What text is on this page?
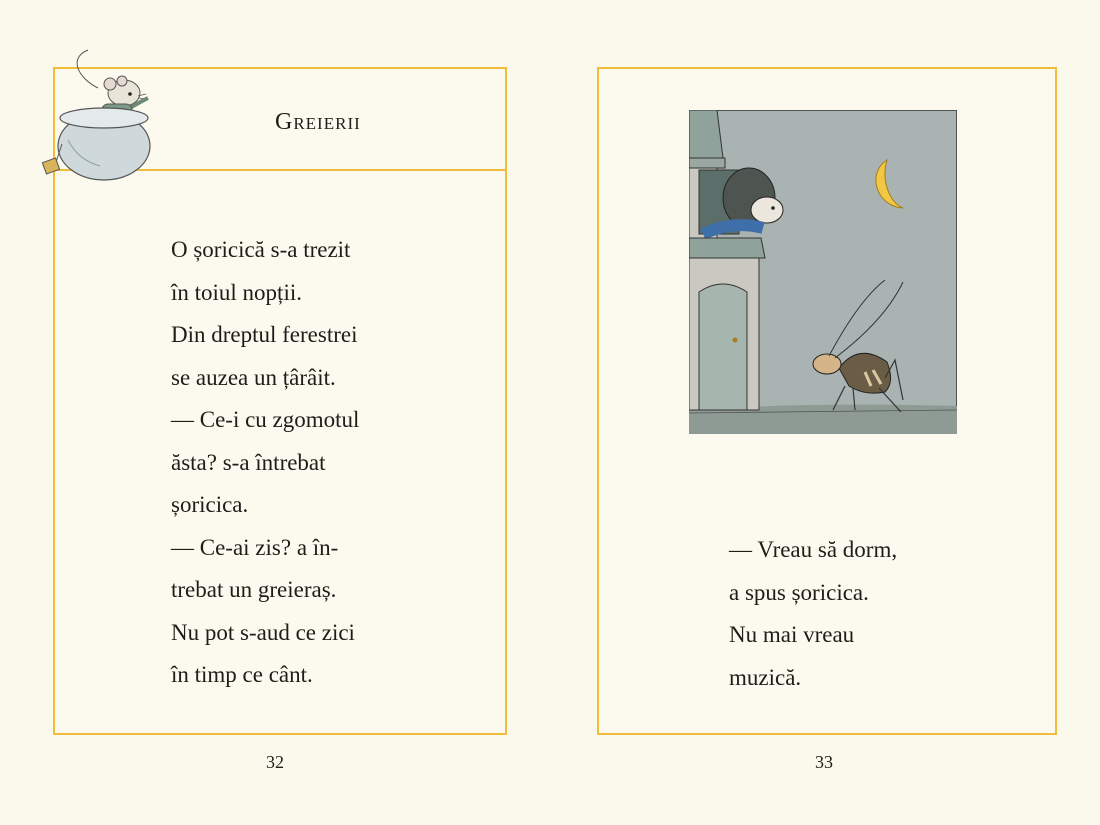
Greierii
O șoricică s-a trezit
în toiul nopții.
Din dreptul ferestrei
se auzea un țârâit.
— Ce-i cu zgomotul
ăsta? s-a întrebat
șoricica.
— Ce-ai zis? a în-
trebat un greieraș.
Nu pot s-aud ce zici
în timp ce cânt.
32
— Vreau să dorm,
a spus șoricica.
Nu mai vreau
muzică.
33
